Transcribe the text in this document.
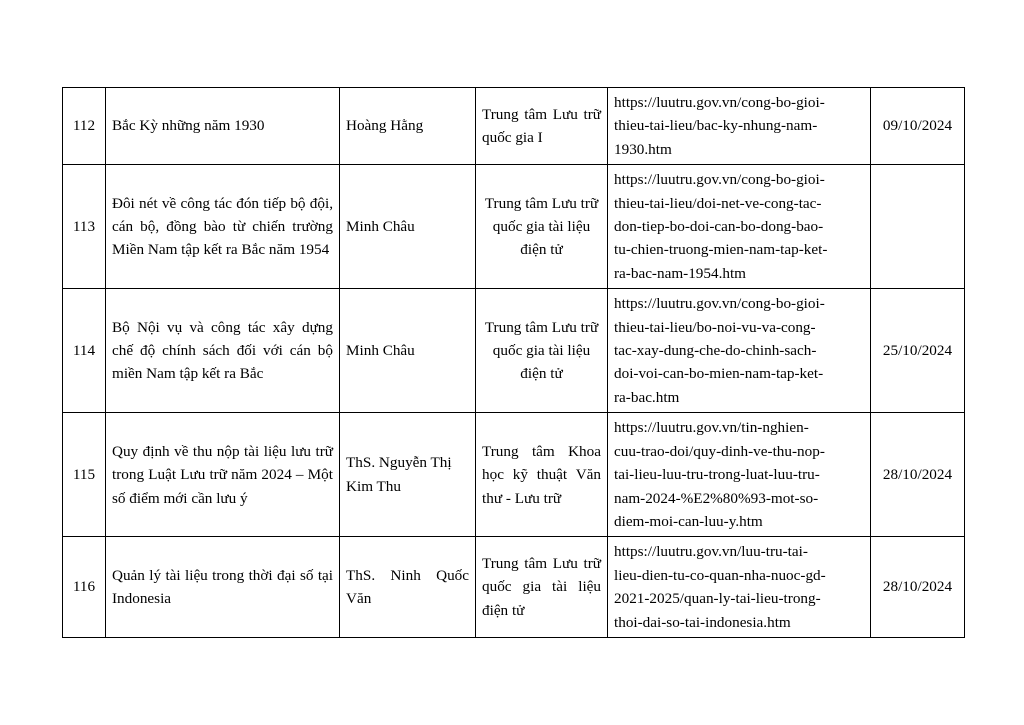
112	Bắc Kỳ những năm 1930	Hoàng Hằng	Trung tâm Lưu trữ quốc gia I	https://luutru.gov.vn/cong-bo-gioi-
thieu-tai-lieu/bac-ky-nhung-nam-
1930.htm	09/10/2024
113	Đôi nét về công tác đón tiếp bộ đội, cán bộ, đồng bào từ chiến trường Miền Nam tập kết ra Bắc năm 1954	Minh Châu	Trung tâm Lưu trữ quốc gia tài liệu điện tử	https://luutru.gov.vn/cong-bo-gioi-
thieu-tai-lieu/doi-net-ve-cong-tac-
don-tiep-bo-doi-can-bo-dong-bao-
tu-chien-truong-mien-nam-tap-ket-
ra-bac-nam-1954.htm	

114	Bộ Nội vụ và công tác xây dựng chế độ chính sách đối với cán bộ miền Nam tập kết ra Bắc	Minh Châu	Trung tâm Lưu trữ quốc gia tài liệu điện tử	https://luutru.gov.vn/cong-bo-gioi-
thieu-tai-lieu/bo-noi-vu-va-cong-
tac-xay-dung-che-do-chinh-sach-
doi-voi-can-bo-mien-nam-tap-ket-
ra-bac.htm	25/10/2024
115	Quy định về thu nộp tài liệu lưu trữ trong Luật Lưu trữ năm 2024 – Một số điểm mới cần lưu ý	ThS. Nguyễn Thị Kim Thu	Trung tâm Khoa học kỹ thuật Văn thư - Lưu trữ	https://luutru.gov.vn/tin-nghien-
cuu-trao-doi/quy-dinh-ve-thu-nop-
tai-lieu-luu-tru-trong-luat-luu-tru-
nam-2024-%E2%80%93-mot-so-
diem-moi-can-luu-y.htm	28/10/2024
116	Quản lý tài liệu trong thời đại số tại Indonesia	ThS. Ninh Quốc Văn	Trung tâm Lưu trữ quốc gia tài liệu điện tử	https://luutru.gov.vn/luu-tru-tai-
lieu-dien-tu-co-quan-nha-nuoc-gd-
2021-2025/quan-ly-tai-lieu-trong-
thoi-dai-so-tai-indonesia.htm	28/10/2024
